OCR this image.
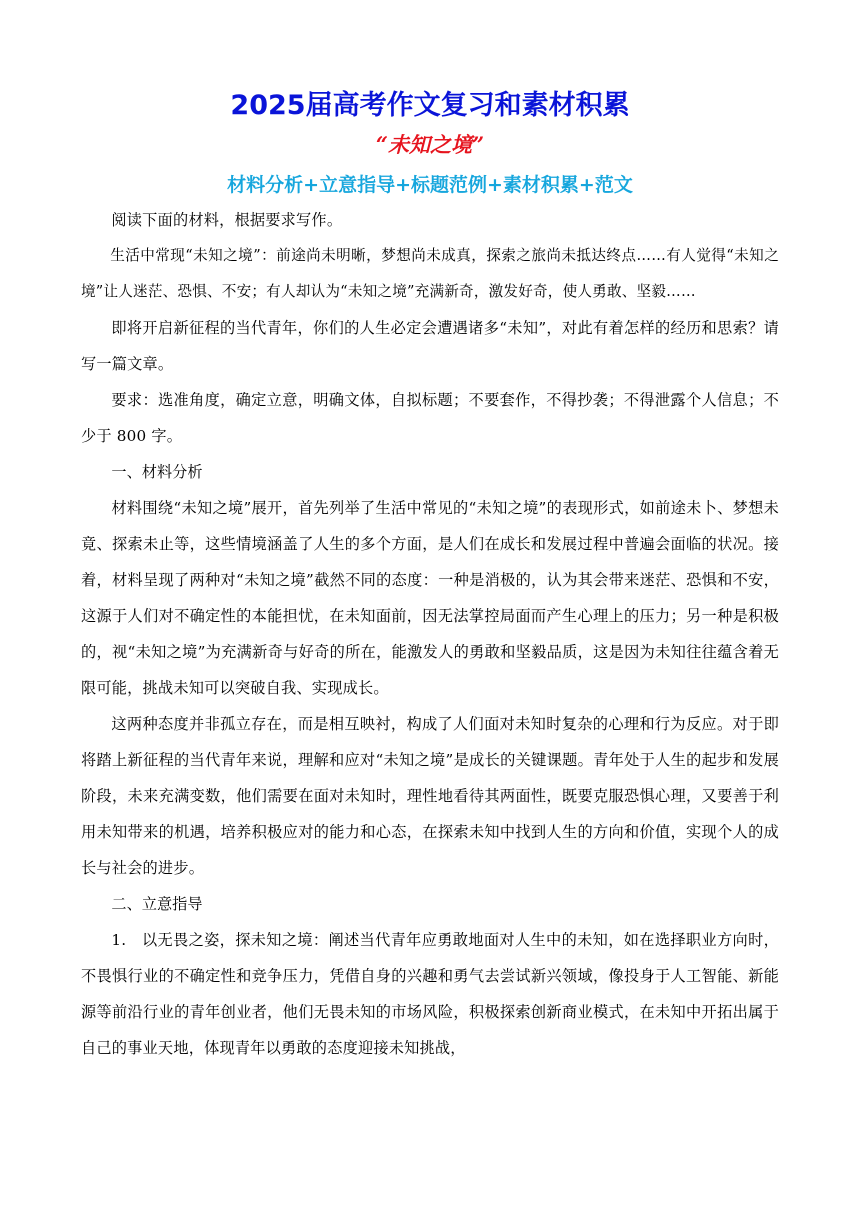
2025届高考作文复习和素材积累
“未知之境”
材料分析+立意指导+标题范例+素材积累+范文

阅读下面的材料，根据要求写作。

生活中常现“未知之境”：前途尚未明晰，梦想尚未成真，探索之旅尚未抵达终点……有人觉得“未知之境”让人迷茫、恐惧、不安；有人却认为“未知之境”充满新奇，激发好奇，使人勇敢、坚毅……

即将开启新征程的当代青年，你们的人生必定会遭遇诸多“未知”，对此有着怎样的经历和思索？请写一篇文章。

要求：选准角度，确定立意，明确文体，自拟标题；不要套作，不得抄袭；不得泄露个人信息；不少于 800 字。

一、材料分析

材料围绕“未知之境”展开，首先列举了生活中常见的“未知之境”的表现形式，如前途未卜、梦想未竟、探索未止等，这些情境涵盖了人生的多个方面，是人们在成长和发展过程中普遍会面临的状况。接着，材料呈现了两种对“未知之境”截然不同的态度：一种是消极的，认为其会带来迷茫、恐惧和不安，这源于人们对不确定性的本能担忧，在未知面前，因无法掌控局面而产生心理上的压力；另一种是积极的，视“未知之境”为充满新奇与好奇的所在，能激发人的勇敢和坚毅品质，这是因为未知往往蕴含着无限可能，挑战未知可以突破自我、实现成长。

这两种态度并非孤立存在，而是相互映衬，构成了人们面对未知时复杂的心理和行为反应。对于即将踏上新征程的当代青年来说，理解和应对“未知之境”是成长的关键课题。青年处于人生的起步和发展阶段，未来充满变数，他们需要在面对未知时，理性地看待其两面性，既要克服恐惧心理，又要善于利用未知带来的机遇，培养积极应对的能力和心态，在探索未知中找到人生的方向和价值，实现个人的成长与社会的进步。

二、立意指导

1.　以无畏之姿，探未知之境：阐述当代青年应勇敢地面对人生中的未知，如在选择职业方向时，不畏惧行业的不确定性和竞争压力，凭借自身的兴趣和勇气去尝试新兴领域，像投身于人工智能、新能源等前沿行业的青年创业者，他们无畏未知的市场风险，积极探索创新商业模式，在未知中开拓出属于自己的事业天地，体现青年以勇敢的态度迎接未知挑战，
